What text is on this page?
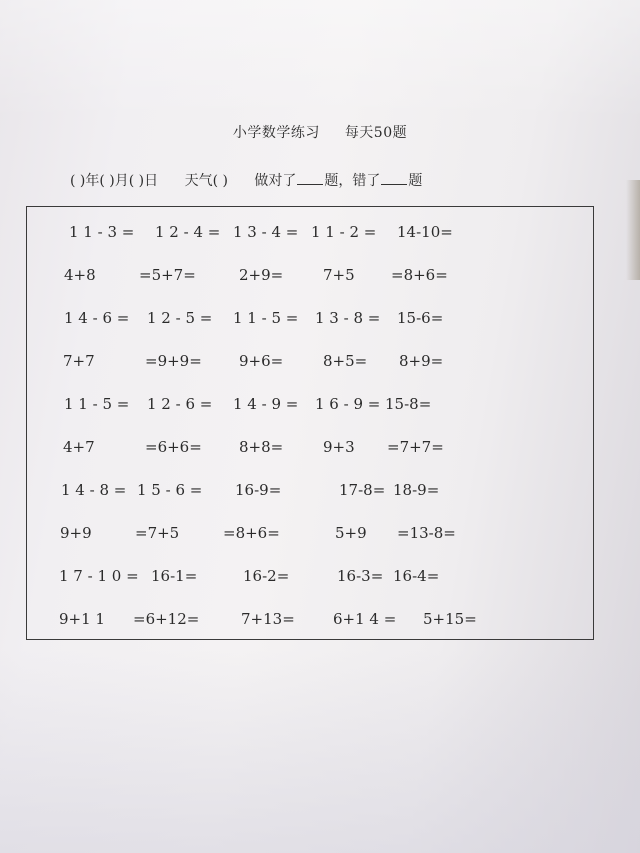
小学数学练习 每天50题
( )年( )月( )日 天气( ) 做对了 题，错了 题
1 1 - 3 = 1 2 - 4 = 1 3 - 4 = 1 1 - 2 = 14-10=
4+8	=5+7=	2+9=	7+5 =8+6=
1 4 - 6 = 1 2 - 5 = 1 1 - 5 = 1 3 - 8 = 15-6=
7+7	=9+9= 9+6=	8+5= 8+9=
1 1 - 5 = 1 2 - 6 = 1 4 - 9 = 1 6 - 9 = 15-8=
4+7	=6+6= 8+8=	9+3 =7+7=
1 4 - 8 = 1 5 - 6 = 16-9=	17-8= 18-9=
9+9	=7+5	=8+6=	5+9 =13-8=
1 7 - 1 0 = 16-1=	16-2=	16-3= 16-4=
9+1 1 =6+12=	7+13=	6+1 4 = 5+15=
